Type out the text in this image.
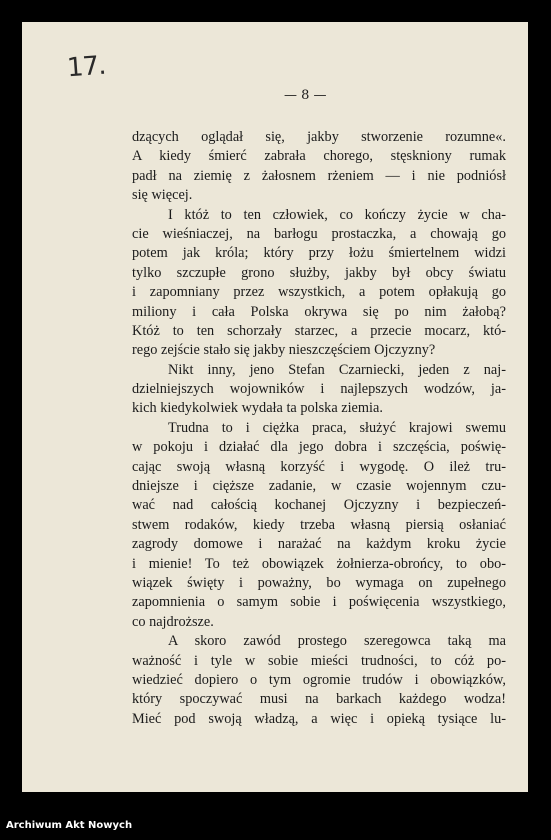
17.
— 8 —
dzących oglądał się, jakby stworzenie rozumne«.
A kiedy śmierć zabrała chorego, stęskniony rumak
padł na ziemię z żałosnem rżeniem — i nie podniósł
się więcej.
I któż to ten człowiek, co kończy życie w cha-
cie wieśniaczej, na barłogu prostaczka, a chowają go
potem jak króla; który przy łożu śmiertelnem widzi
tylko szczupłe grono służby, jakby był obcy światu
i zapomniany przez wszystkich, a potem opłakują go
miliony i cała Polska okrywa się po nim żałobą?
Któż to ten schorzały starzec, a przecie mocarz, któ-
rego zejście stało się jakby nieszczęściem Ojczyzny?
Nikt inny, jeno Stefan Czarniecki, jeden z naj-
dzielniejszych wojowników i najlepszych wodzów, ja-
kich kiedykolwiek wydała ta polska ziemia.
Trudna to i ciężka praca, służyć krajowi swemu
w pokoju i działać dla jego dobra i szczęścia, poświę-
cając swoją własną korzyść i wygodę. O ileż tru-
dniejsze i cięższe zadanie, w czasie wojennym czu-
wać nad całością kochanej Ojczyzny i bezpieczeń-
stwem rodaków, kiedy trzeba własną piersią osłaniać
zagrody domowe i narażać na każdym kroku życie
i mienie! To też obowiązek żołnierza-obrońcy, to obo-
wiązek święty i poważny, bo wymaga on zupełnego
zapomnienia o samym sobie i poświęcenia wszystkiego,
co najdroższe.
A skoro zawód prostego szeregowca taką ma
ważność i tyle w sobie mieści trudności, to cóż po-
wiedzieć dopiero o tym ogromie trudów i obowiązków,
który spoczywać musi na barkach każdego wodza!
Mieć pod swoją władzą, a więc i opieką tysiące lu-
Archiwum Akt Nowych
